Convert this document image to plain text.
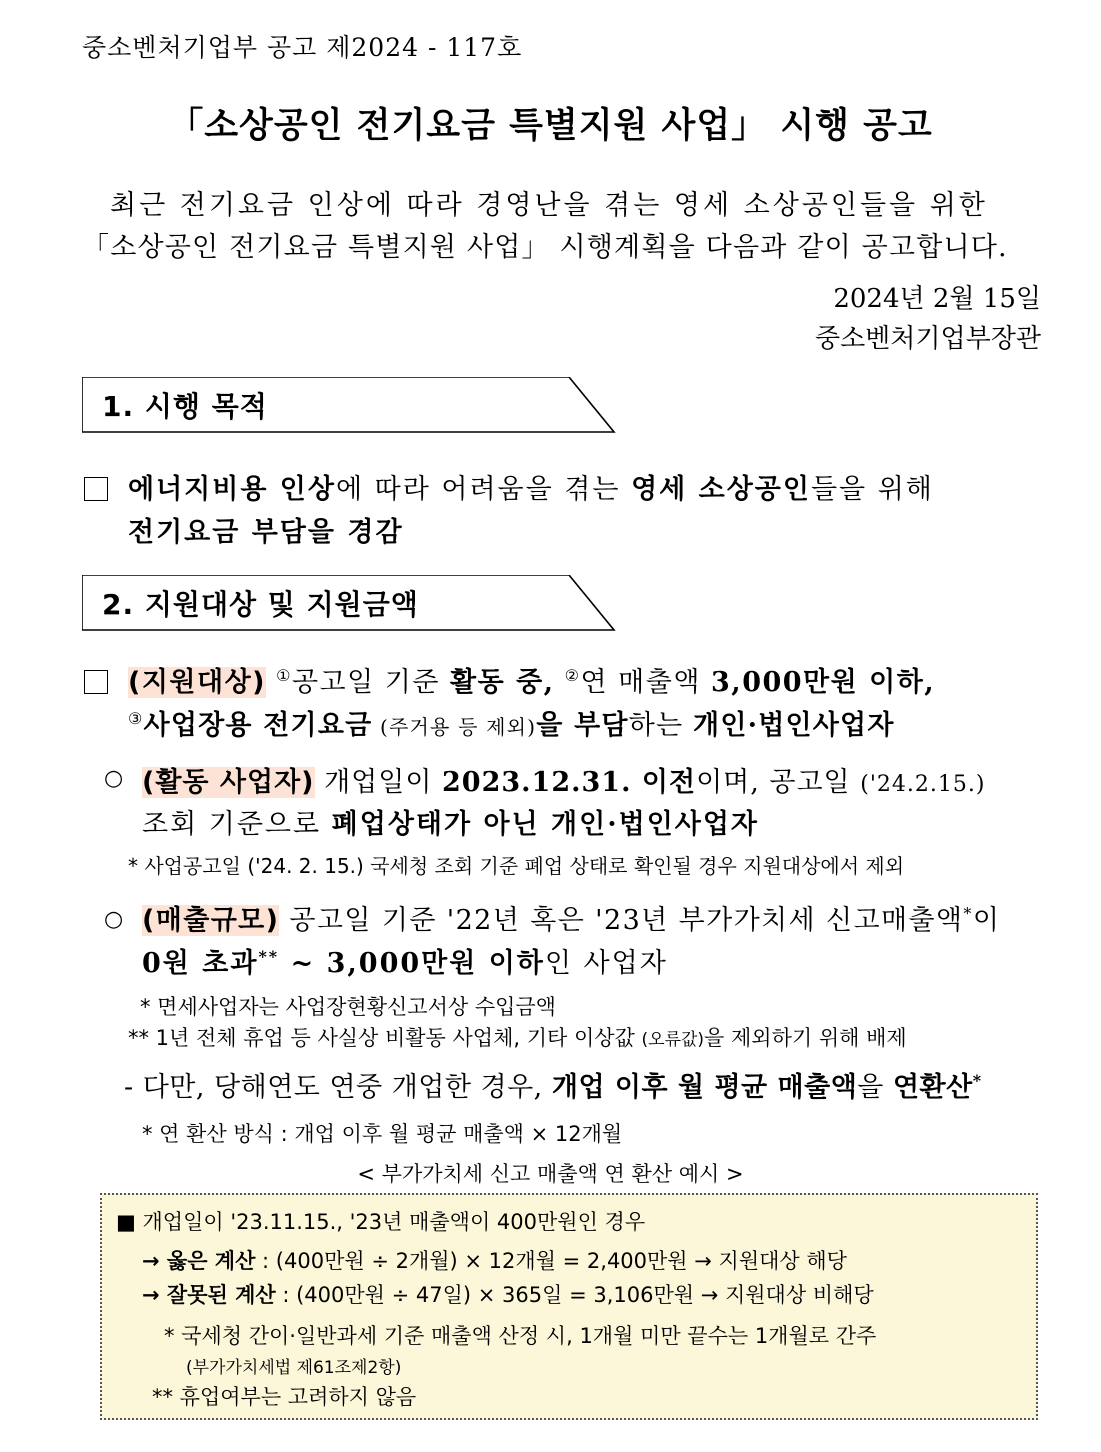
중소벤처기업부 공고 제2024 - 117호
「소상공인 전기요금 특별지원 사업」 시행 공고
최근 전기요금 인상에 따라 경영난을 겪는 영세 소상공인들을 위한
「소상공인 전기요금 특별지원 사업」 시행계획을 다음과 같이 공고합니다.
2024년 2월 15일
중소벤처기업부장관
1. 시행 목적
에너지비용 인상에 따라 어려움을 겪는 영세 소상공인들을 위해
전기요금 부담을 경감
2. 지원대상 및 지원금액
(지원대상) ①공고일 기준 활동 중, ②연 매출액 3,000만원 이하,
③사업장용 전기요금 (주거용 등 제외)을 부담하는 개인·법인사업자
○ (활동 사업자) 개업일이 2023.12.31. 이전이며, 공고일 ('24.2.15.)
조회 기준으로 폐업상태가 아닌 개인·법인사업자
* 사업공고일 ('24. 2. 15.) 국세청 조회 기준 폐업 상태로 확인될 경우 지원대상에서 제외
○ (매출규모) 공고일 기준 '22년 혹은 '23년 부가가치세 신고매출액*이
0원 초과** ~ 3,000만원 이하인 사업자
* 면세사업자는 사업장현황신고서상 수입금액
** 1년 전체 휴업 등 사실상 비활동 사업체, 기타 이상값 (오류값)을 제외하기 위해 배제
- 다만, 당해연도 연중 개업한 경우, 개업 이후 월 평균 매출액을 연환산*
* 연 환산 방식 : 개업 이후 월 평균 매출액 × 12개월
< 부가가치세 신고 매출액 연 환산 예시 >
■ 개업일이 '23.11.15., '23년 매출액이 400만원인 경우
→ 옳은 계산 : (400만원 ÷ 2개월) × 12개월 = 2,400만원 → 지원대상 해당
→ 잘못된 계산 : (400만원 ÷ 47일) × 365일 = 3,106만원 → 지원대상 비해당
* 국세청 간이·일반과세 기준 매출액 산정 시, 1개월 미만 끝수는 1개월로 간주
(부가가치세법 제61조제2항)
** 휴업여부는 고려하지 않음
